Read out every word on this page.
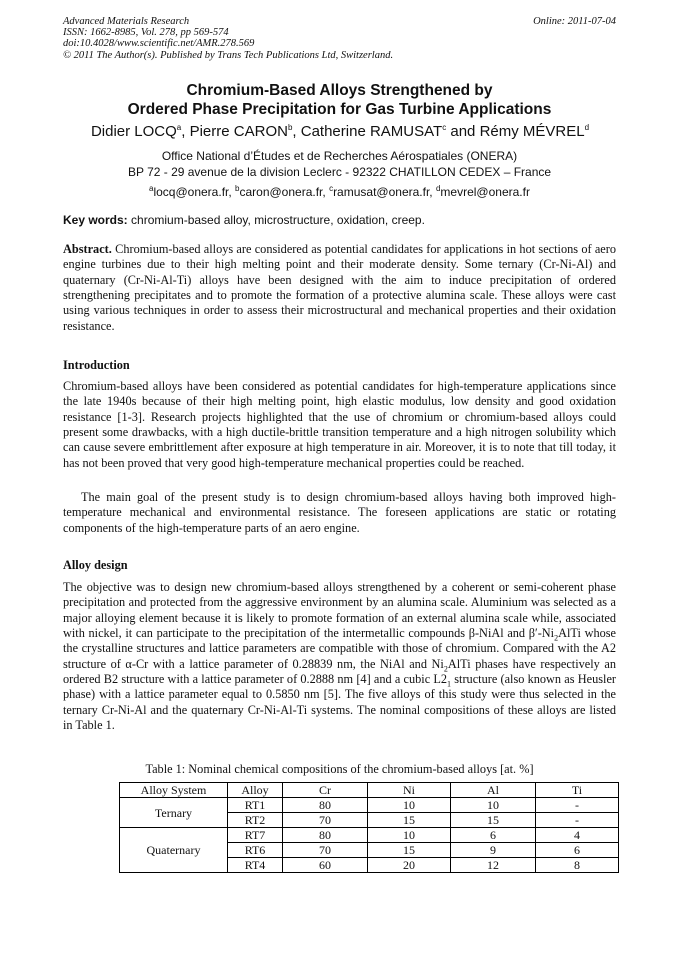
Advanced Materials Research
ISSN: 1662-8985, Vol. 278, pp 569-574
doi:10.4028/www.scientific.net/AMR.278.569
© 2011 The Author(s). Published by Trans Tech Publications Ltd, Switzerland.
Online: 2011-07-04
Chromium-Based Alloys Strengthened by
Ordered Phase Precipitation for Gas Turbine Applications
Didier LOCQ$^a$, Pierre CARON$^b$, Catherine RAMUSAT$^c$ and Rémy MÉVREL$^d$
Office National d’Études et de Recherches Aérospatiales (ONERA)
BP 72 - 29 avenue de la division Leclerc - 92322 CHATILLON CEDEX – France
$^a$locq@onera.fr, $^b$caron@onera.fr, $^c$ramusat@onera.fr, $^d$mevrel@onera.fr
Key words: chromium-based alloy, microstructure, oxidation, creep.
Abstract. Chromium-based alloys are considered as potential candidates for applications in hot sections of aero engine turbines due to their high melting point and their moderate density. Some ternary (Cr-Ni-Al) and quaternary (Cr-Ni-Al-Ti) alloys have been designed with the aim to induce precipitation of ordered strengthening precipitates and to promote the formation of a protective alumina scale. These alloys were cast using various techniques in order to assess their microstructural and mechanical properties and their oxidation resistance.
Introduction
Chromium-based alloys have been considered as potential candidates for high-temperature applications since the late 1940s because of their high melting point, high elastic modulus, low density and good oxidation resistance [1-3]. Research projects highlighted that the use of chromium or chromium-based alloys could present some drawbacks, with a high ductile-brittle transition temperature and a high nitrogen solubility which can cause severe embrittlement after exposure at high temperature in air. Moreover, it is to note that till today, it has not been proved that very good high-temperature mechanical properties could be reached.
The main goal of the present study is to design chromium-based alloys having both improved high-temperature mechanical and environmental resistance. The foreseen applications are static or rotating components of the high-temperature parts of an aero engine.
Alloy design
The objective was to design new chromium-based alloys strengthened by a coherent or semi-coherent phase precipitation and protected from the aggressive environment by an alumina scale. Aluminium was selected as a major alloying element because it is likely to promote formation of an external alumina scale while, associated with nickel, it can participate to the precipitation of the intermetallic compounds β-NiAl and $\beta'-Ni_2AlTi$ whose the crystalline structures and lattice parameters are compatible with those of chromium. Compared with the A2 structure of α-Cr with a lattice parameter of 0.28839 nm, the NiAl and $Ni_2AlTi$ phases have respectively an ordered B2 structure with a lattice parameter of 0.2888 nm [4] and a cubic $L2_1$ structure (also known as Heusler phase) with a lattice parameter equal to 0.5850 nm [5]. The five alloys of this study were thus selected in the ternary Cr-Ni-Al and the quaternary Cr-Ni-Al-Ti systems. The nominal compositions of these alloys are listed in Table 1.
Table 1: Nominal chemical compositions of the chromium-based alloys [at. %]
Alloy System	Alloy	Cr	Ni	Al	Ti
Ternary	RT1	80	10	10	-
	RT2	70	15	15	-
Quaternary	RT7	80	10	6	4
	RT6	70	15	9	6
	RT4	60	20	12	8
